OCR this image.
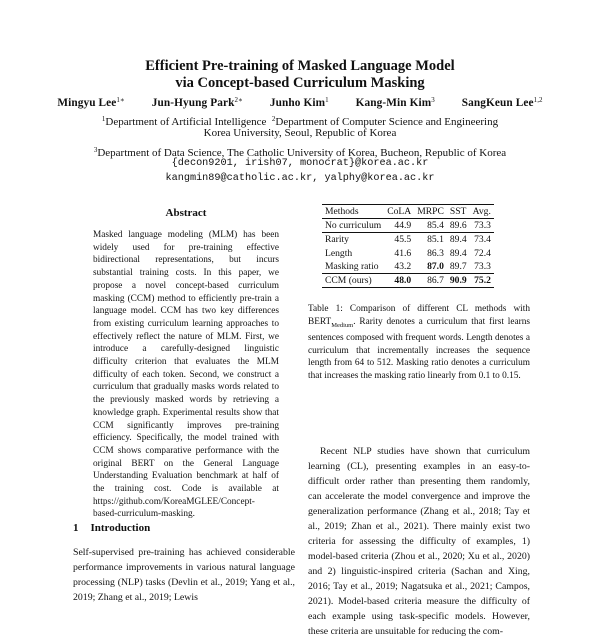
Efficient Pre-training of Masked Language Model
via Concept-based Curriculum Masking
Mingyu Lee$^{1∗}$ Jun-Hyung Park$^{2∗}$ Junho Kim$^1$ Kang-Min Kim$^3$ SangKeun Lee$^{1,2}$
$^1$Department of Artificial Intelligence $^2$Department of Computer Science and Engineering
Korea University, Seoul, Republic of Korea
$^3$Department of Data Science, The Catholic University of Korea, Bucheon, Republic of Korea
{decon9201, irish07, monocrat}@korea.ac.kr
kangmin89@catholic.ac.kr, yalphy@korea.ac.kr
Abstract
Masked language modeling (MLM) has been widely used for pre-training effective bidirectional representations, but incurs substantial training costs. In this paper, we propose a novel concept-based curriculum masking (CCM) method to efficiently pre-train a language model. CCM has two key differences from existing curriculum learning approaches to effectively reflect the nature of MLM. First, we introduce a carefully-designed linguistic difficulty criterion that evaluates the MLM difficulty of each token. Second, we construct a curriculum that gradually masks words related to the previously masked words by retrieving a knowledge graph. Experimental results show that CCM significantly improves pre-training efficiency. Specifically, the model trained with CCM shows comparative performance with the original BERT on the General Language Understanding Evaluation benchmark at half of the training cost. Code is available at https://github.com/KoreaMGLEE/Concept-based-curriculum-masking.
1 Introduction
Self-supervised pre-training has achieved considerable performance improvements in various natural language processing (NLP) tasks (Devlin et al., 2019; Yang et al., 2019; Zhang et al., 2019; Lewis
Methods	CoLA	MRPC	SST	Avg.
No curriculum	44.9	85.4	89.6	73.3
Rarity	45.5	85.1	89.4	73.4
Length	41.6	86.3	89.4	72.4
Masking ratio	43.2	87.0	89.7	73.3
CCM (ours)	48.0	86.7	90.9	75.2
Table 1: Comparison of different CL methods with $BERT_{Medium}$. Rarity denotes a curriculum that first learns sentences composed with frequent words. Length denotes a curriculum that incrementally increases the sequence length from 64 to 512. Masking ratio denotes a curriculum that increases the masking ratio linearly from 0.1 to 0.15.
Recent NLP studies have shown that curriculum learning (CL), presenting examples in an easy-to-difficult order rather than presenting them randomly, can accelerate the model convergence and improve the generalization performance (Zhang et al., 2018; Tay et al., 2019; Zhan et al., 2021). There mainly exist two criteria for assessing the difficulty of examples, 1) model-based criteria (Zhou et al., 2020; Xu et al., 2020) and 2) linguistic-inspired criteria (Sachan and Xing, 2016; Tay et al., 2019; Nagatsuka et al., 2021; Campos, 2021). Model-based criteria measure the difficulty of each example using task-specific models. However, these criteria are unsuitable for reducing the com-
